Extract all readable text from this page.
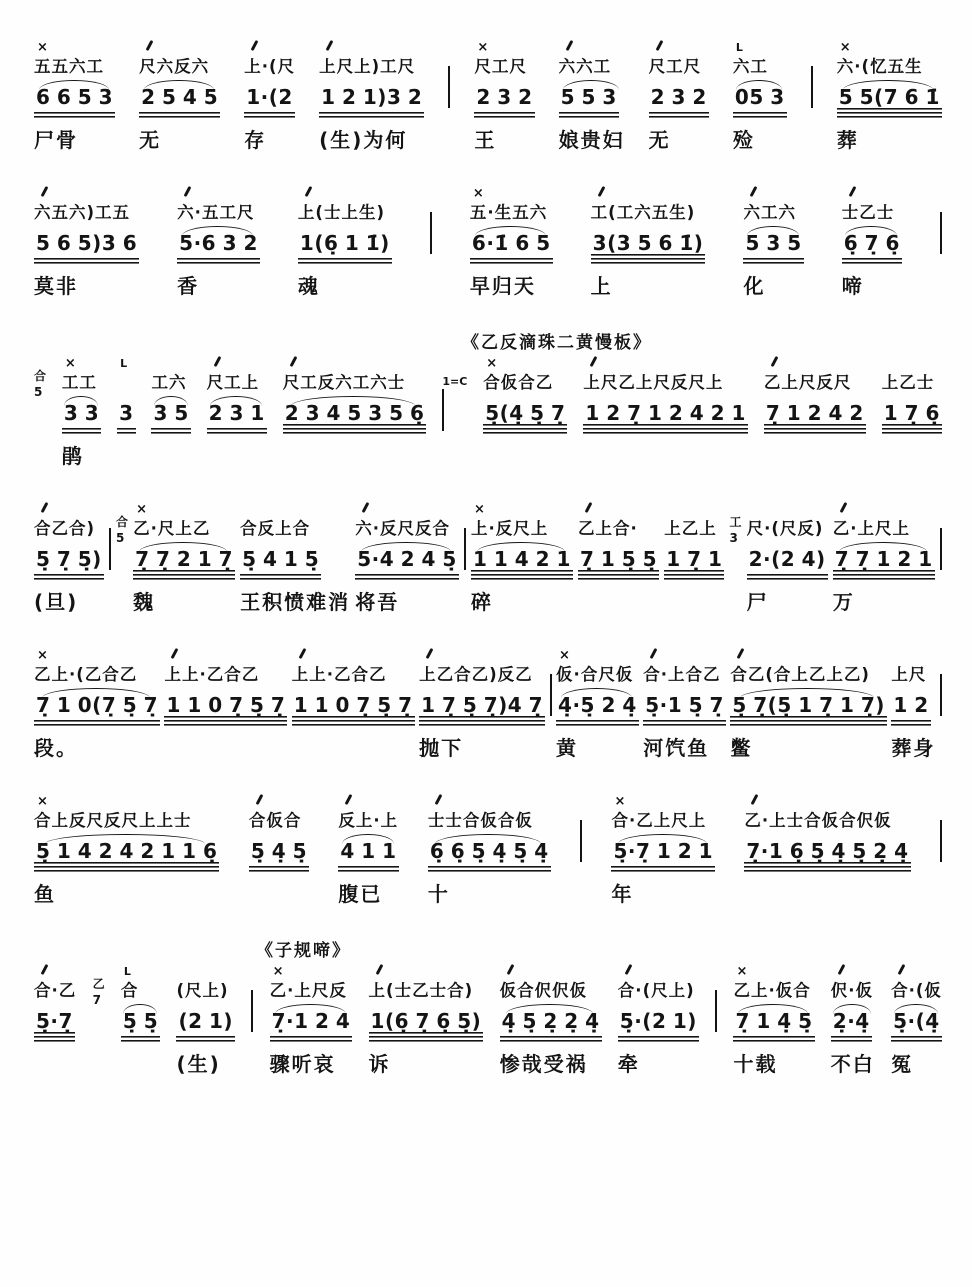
×
五五六工
6 6 5 3
尸骨
尺六反六
2 5 4 5
无
上·(尺
1·(2
存
上尺上)工尺
1 2 1)3 2
(生)为何
×
尺工尺
2 3 2
王
六六工
5 5 3
娘贵妇
尺工尺
2 3 2
无
L
六工
05 3
殓
×
六·(忆五生
5 5(7 6 1̇
葬
六五六)工五
5 6 5)3 6
莫非
六·五工尺
5·6 3 2
香
上(士上生)
1(6̣ 1 1̇)
魂
×
五·生五六
6·1̇ 6 5
早归天
工(工六五生)
3(3 5 6 1̇)
上
六工六
5 3 5
化
士乙士
6̣ 7̣ 6̣
啼
《乙反滴珠二黄慢板》
合
5
×
工工
3 3
鹃
L
3
工六
3 5
尺工上
2 3 1
尺工反六工六士
2 3 4 5 3 5 6̣
1=C
×
合仮合乙
5̣(4̣ 5̣ 7̣
上尺乙上尺反尺上
1 2 7̣ 1 2 4 2 1
乙上尺反尺
7̣ 1 2 4 2
上乙士
1 7̣ 6̣
合乙合)
5̣ 7̣ 5̣)
(旦)
合
5
×
乙·尺上乙
7̣ 7̣ 2 1 7̣
魏
合反上合
5̣ 4 1 5̣
王积愤难消
六·反尺反合
5·4 2 4 5̣
将吾
×
上·反尺上
1 1 4 2 1
碎
乙上合·
7̣ 1 5̣ 5̣
上乙上
1 7̣ 1
工
3 尺·(尺反)
2·(2 4)
尸
乙·上尺上
7̣ 7̣ 1 2 1
万
×
乙上·(乙合乙
7̣ 1 0(7̣ 5̣ 7̣
段。
上上·乙合乙
1 1 0 7̣ 5̣ 7̣
上上·乙合乙
1 1 0 7̣ 5̣ 7̣
上乙合乙)反乙
1 7̣ 5̣ 7̣)4 7̣
抛下
×
仮·合尺仮
4̣·5̣ 2 4̣
黄
合·上合乙
5̣·1 5̣ 7̣
河饩鱼
合乙(合上乙上乙)
5̣ 7̣(5̣ 1 7̣ 1 7̣)
鳖
上尺
1 2
葬身
×
合上反尺反尺上上士
5̣ 1 4 2 4 2 1 1 6̣
鱼
合仮合
5̣ 4̣ 5̣
反上·上
4 1 1
腹已
士士合仮合仮
6̣ 6̣ 5̣ 4̣ 5̣ 4̣
十
×
合·乙上尺上
5̣·7̣ 1 2 1
年
乙·上士合仮合伬仮
7̣·1 6̣ 5̣ 4̣ 5̣ 2̣ 4̣
《子规啼》
合·乙
5̣·7̣
乙
7
L
合
5̣ 5̣
(尺上)
(2 1)
(生)
×
乙·上尺反
7̣·1 2 4
骤听哀
上(士乙士合)
1(6̣ 7̣ 6̣ 5̣)
诉
仮合伬伬仮
4̣ 5̣ 2̣ 2̣ 4̣
惨哉受祸
合·(尺上)
5̣·(2 1)
牵
×
乙上·仮合
7̣ 1 4̣ 5̣
十载
伬·仮
2̣·4̣
不白
合·(仮
5̣·(4̣
冤
